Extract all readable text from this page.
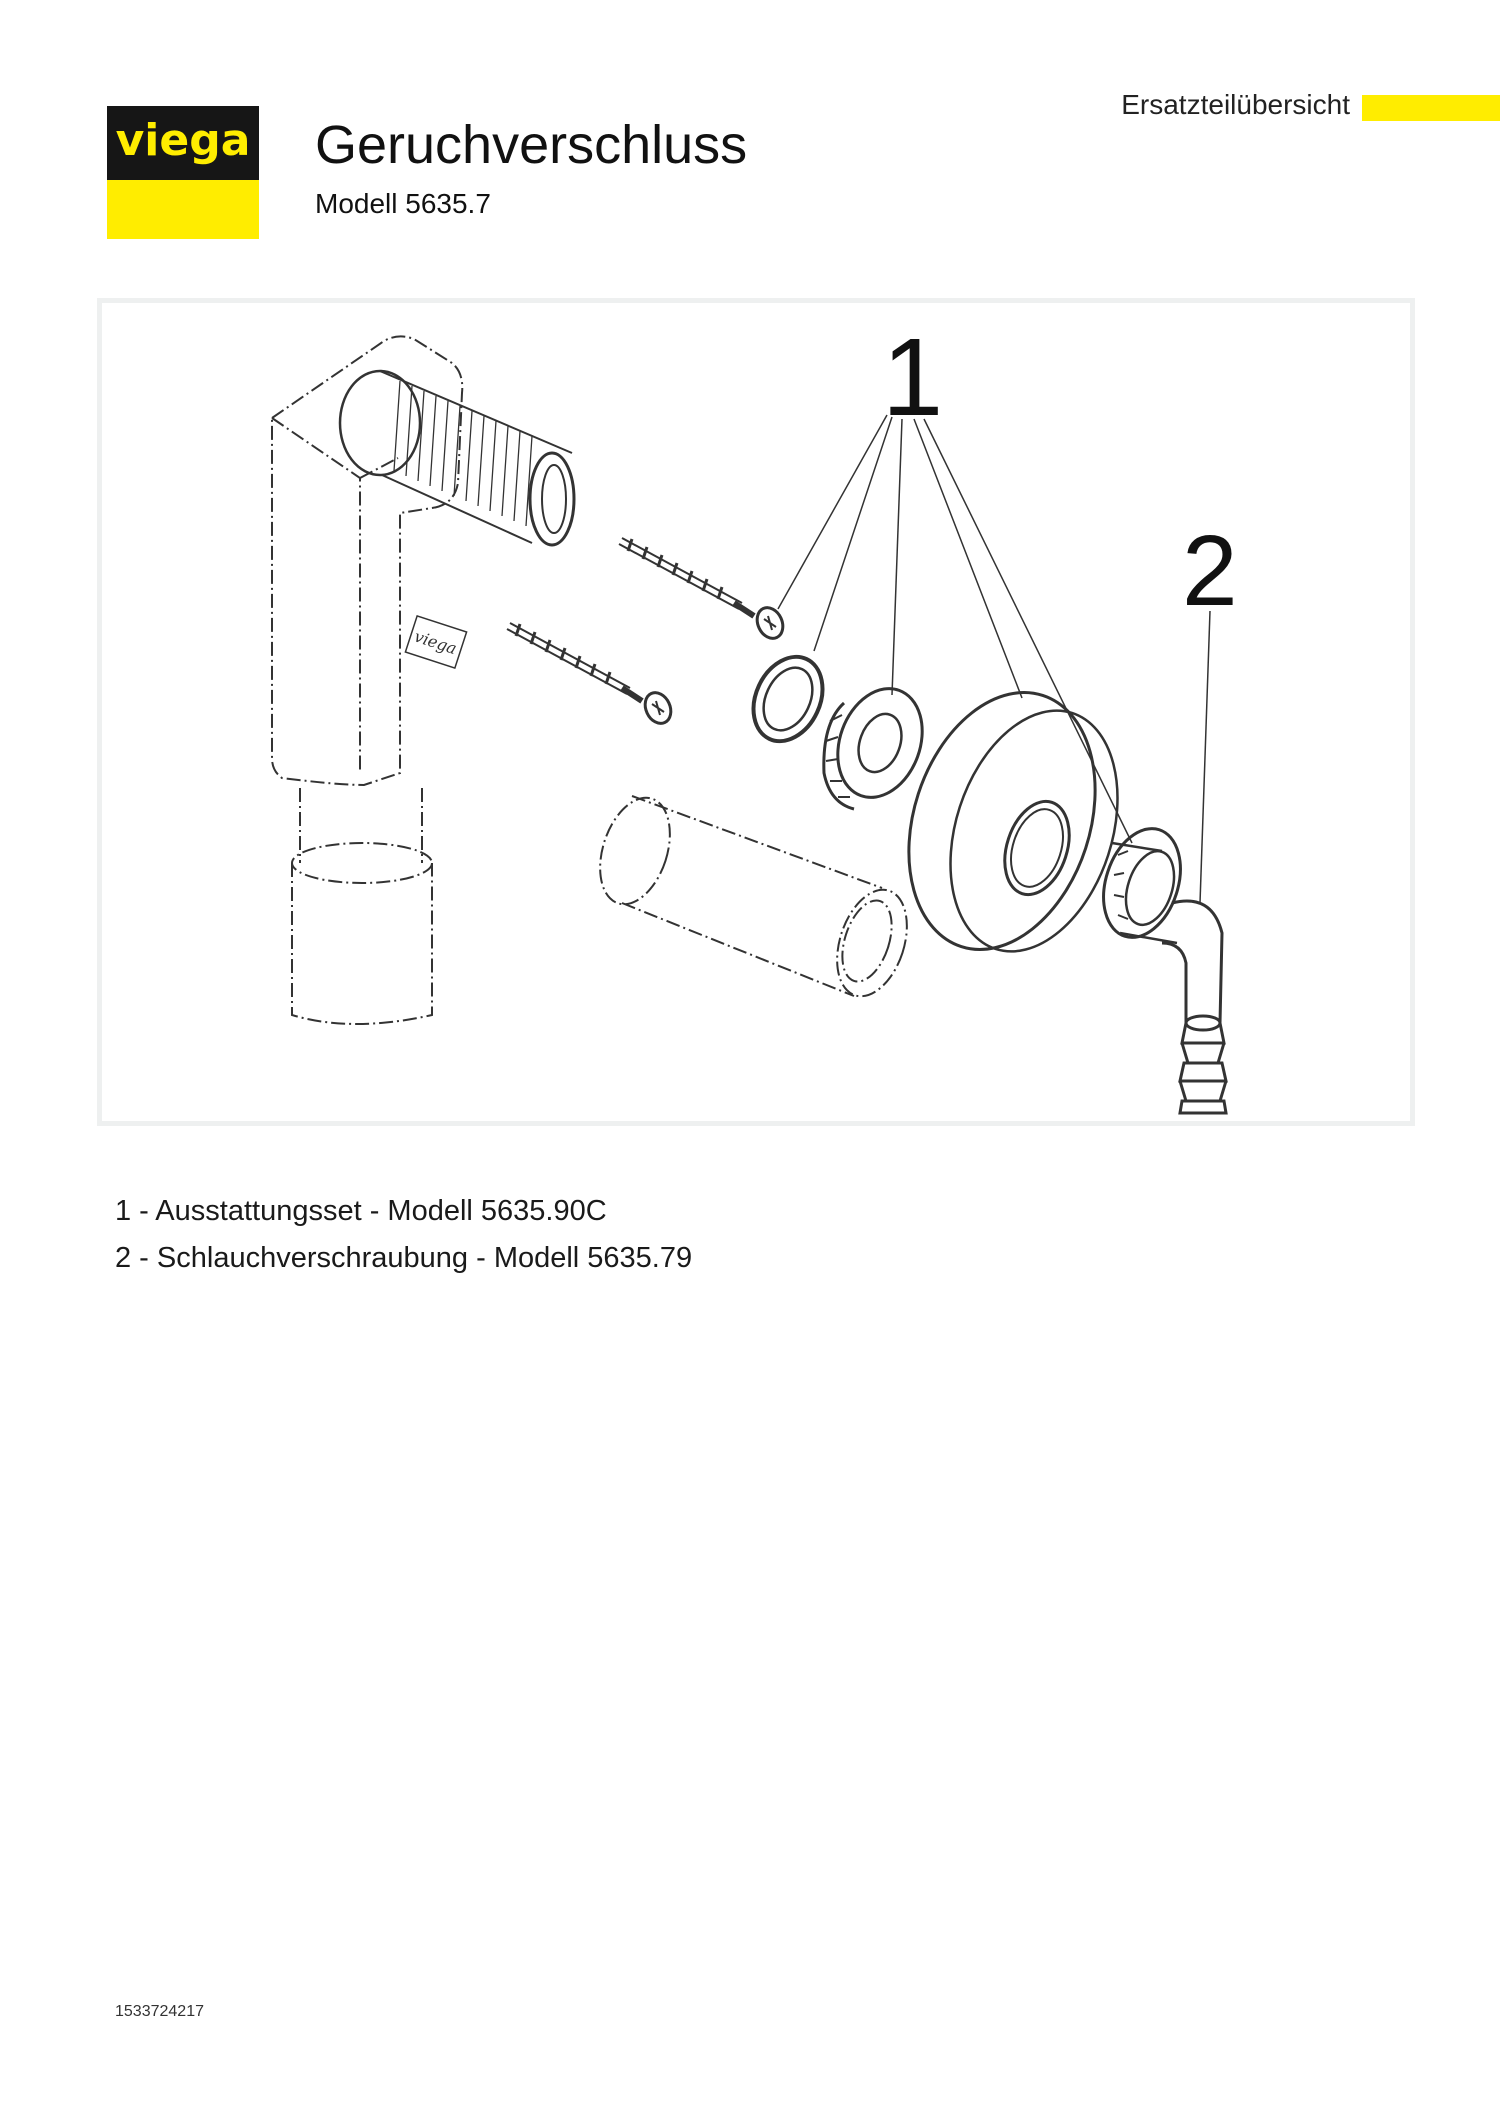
viega Geruchverschluss
Modell 5635.7
Ersatzteilübersicht
viega
1
2
1 - Ausstattungsset - Modell 5635.90C
2 - Schlauchverschraubung - Modell 5635.79
1533724217
